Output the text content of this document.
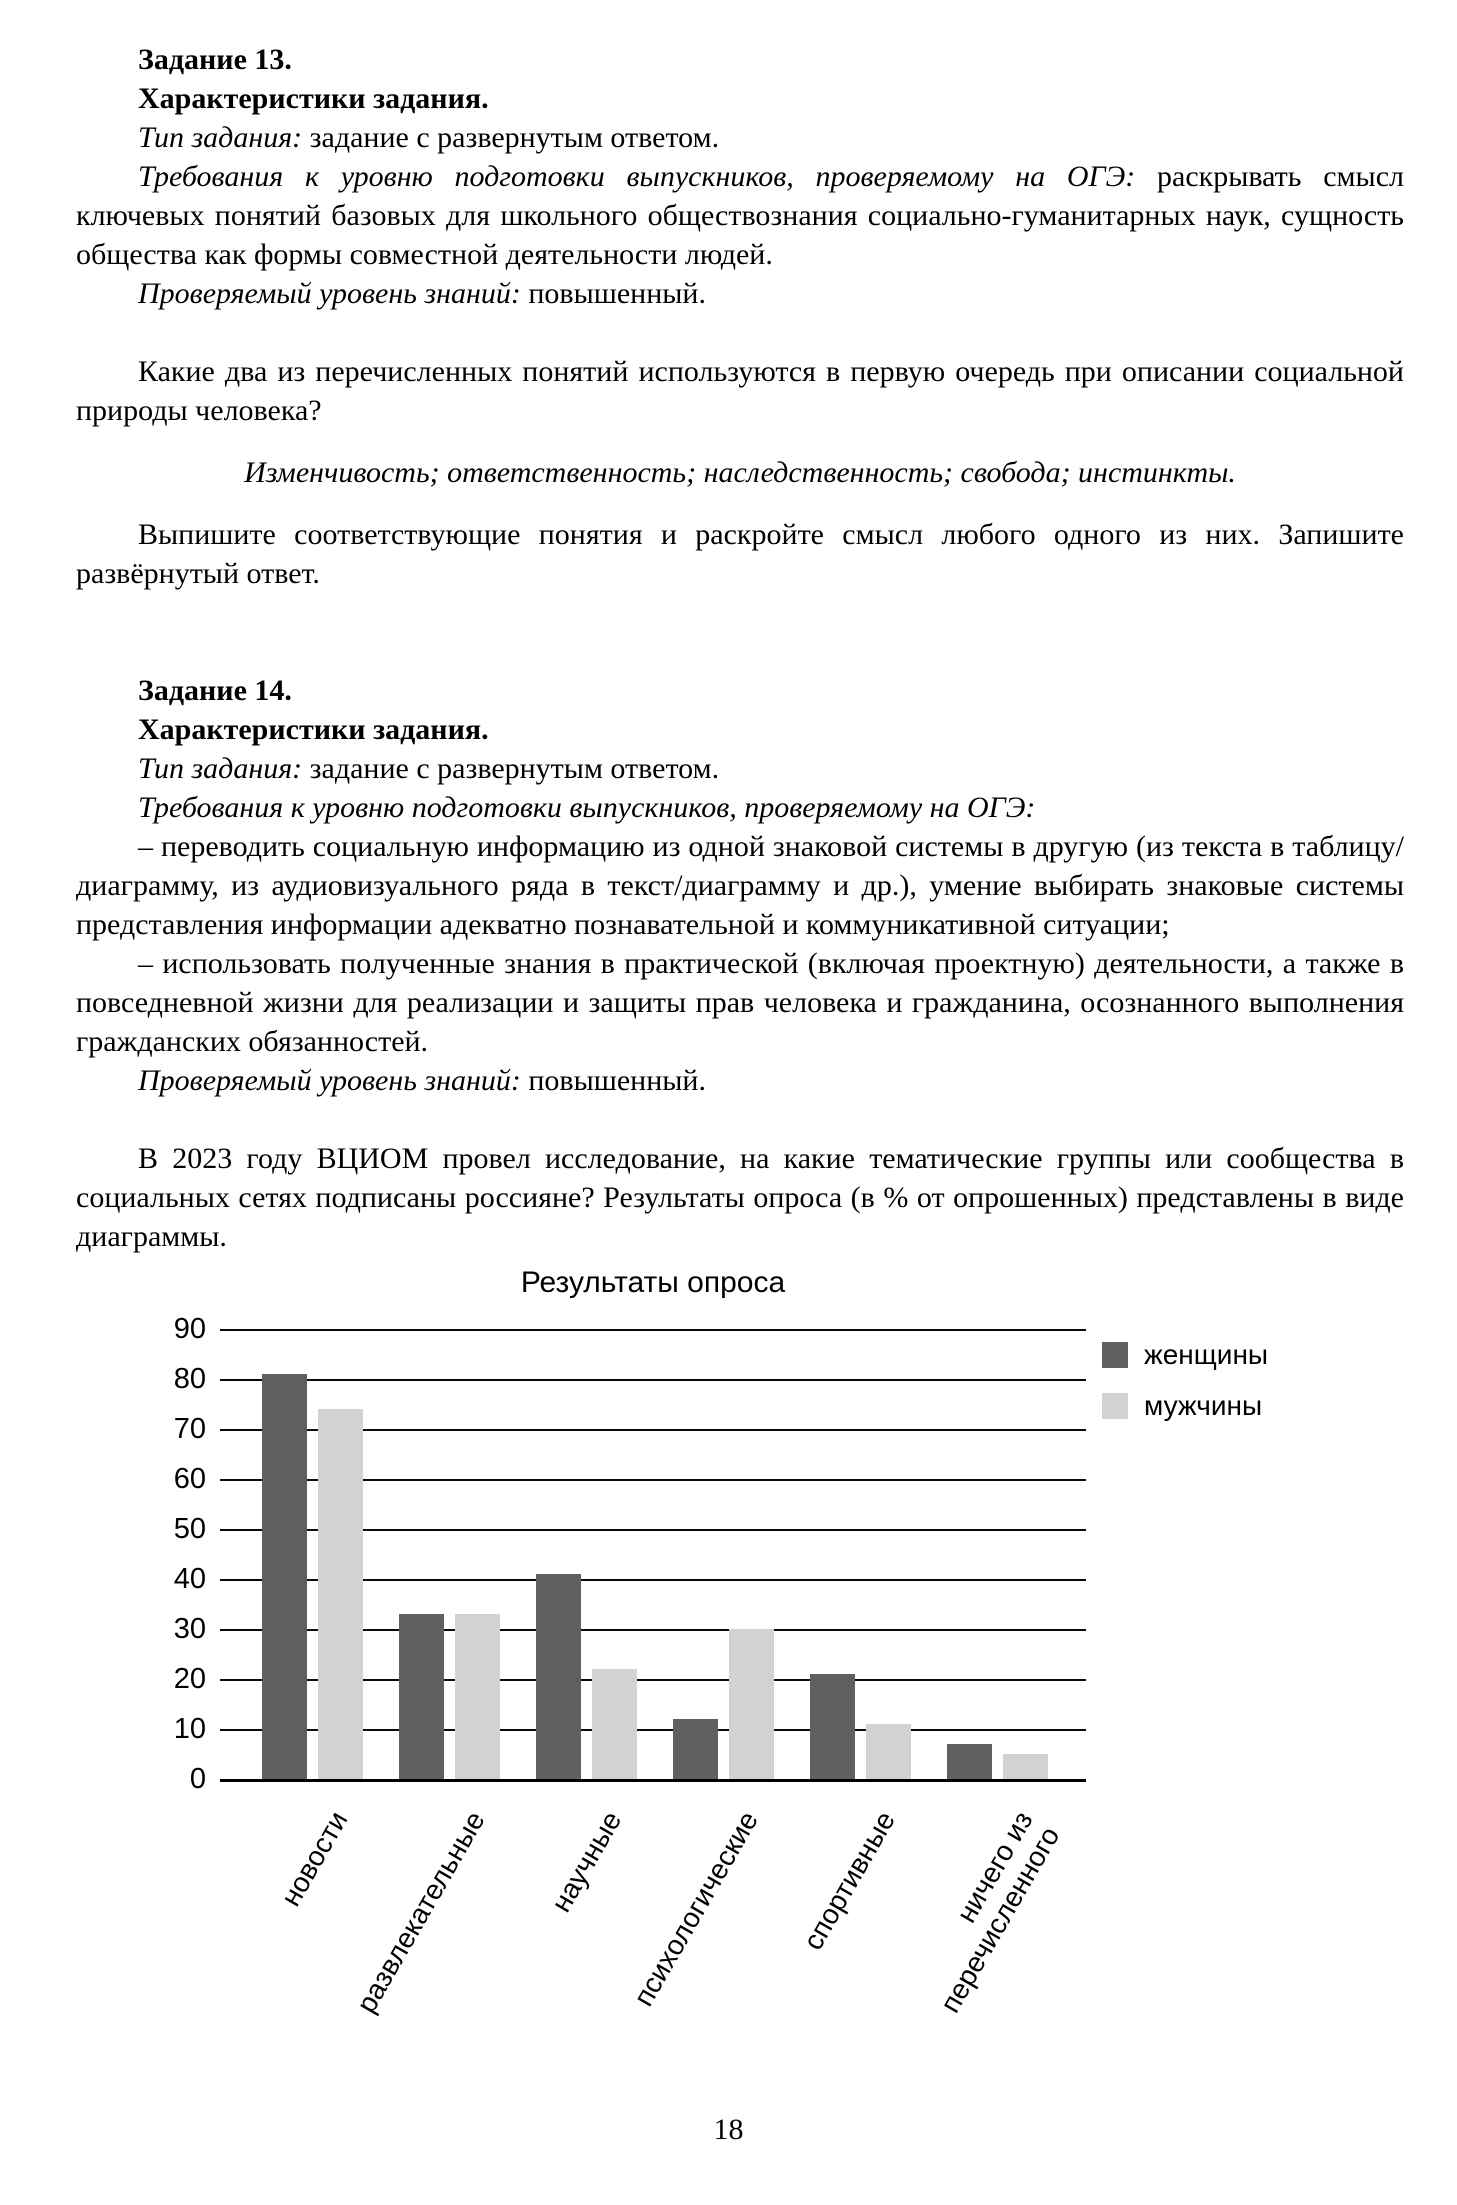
Задание 13.

Характеристики задания.

Тип задания: задание с развернутым ответом.

Требования к уровню подготовки выпускников, проверяемому на ОГЭ: раскрывать смысл ключевых понятий базовых для школьного обществознания социально-гуманитарных наук, сущность общества как формы совместной деятельности людей.

Проверяемый уровень знаний: повышенный.

Какие два из перечисленных понятий используются в первую очередь при описании социальной природы человека?

Изменчивость; ответственность; наследственность; свобода; инстинкты.

Выпишите соответствующие понятия и раскройте смысл любого одного из них. Запишите развёрнутый ответ.

Задание 14.

Характеристики задания.

Тип задания: задание с развернутым ответом.

Требования к уровню подготовки выпускников, проверяемому на ОГЭ:

– переводить социальную информацию из одной знаковой системы в другую (из текста в таблицу/диаграмму, из аудиовизуального ряда в текст/диаграмму и др.), умение выбирать знаковые системы представления информации адекватно познавательной и коммуникативной ситуации;

– использовать полученные знания в практической (включая проектную) деятельности, а также в повседневной жизни для реализации и защиты прав человека и гражданина, осознанного выполнения гражданских обязанностей.

Проверяемый уровень знаний: повышенный.

В 2023 году ВЦИОМ провел исследование, на какие тематические группы или сообщества в социальных сетях подписаны россияне? Результаты опроса (в % от опрошенных) представлены в виде диаграммы.

Результаты опроса
женщины
мужчины
0
10
20
30
40
50
60
70
80
90
новости
развлекательные научные психологические спортивные	ничего из
перечисленного
18
